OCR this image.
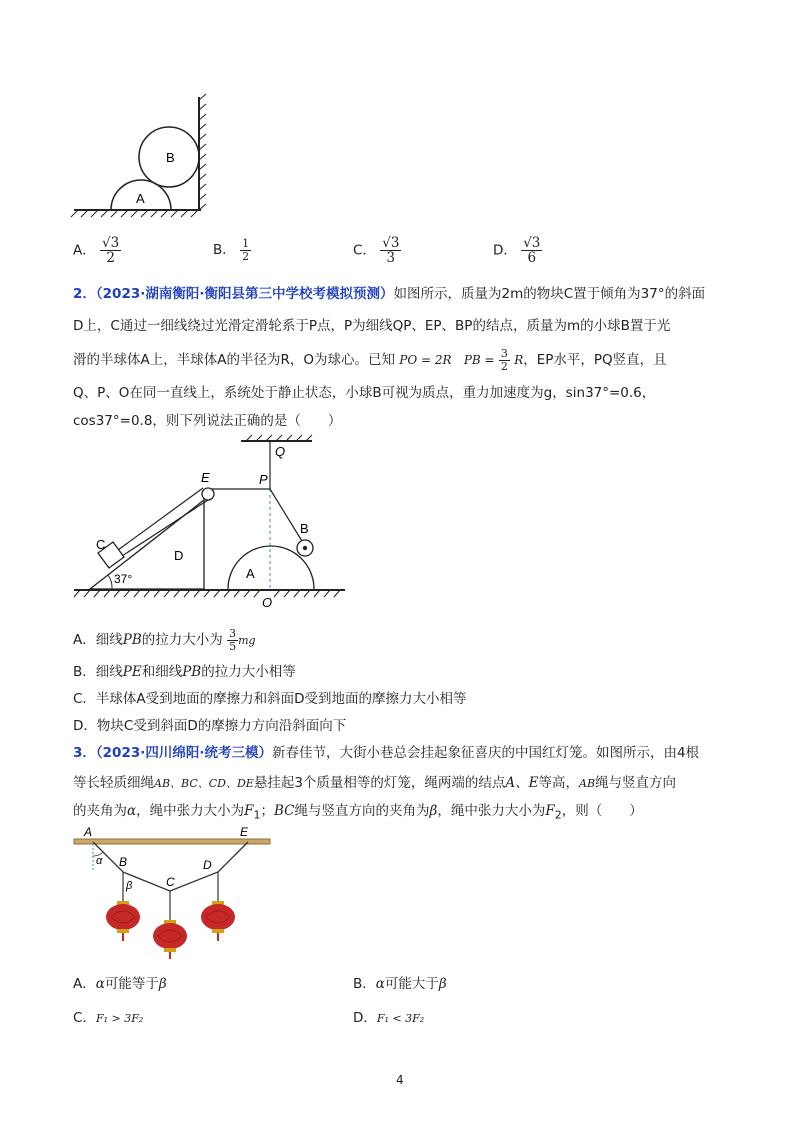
A
B
A． $\frac{√3}{2}$	B． $\frac{1}{2}$	C． $\frac{√3}{3}$	D． $\frac{√3}{6}$
2．（2023·湖南衡阳·衡阳县第三中学校考模拟预测）如图所示，质量为2m的物块C置于倾角为37°的斜面
D上，C通过一细线绕过光滑定滑轮系于P点，P为细线QP、EP、BP的结点，质量为m的小球B置于光
滑的半球体A上，半球体A的半径为R，O为球心。已知 PO = 2R PB = $\frac{3}{2}$ R，EP水平，PQ竖直，且
Q、P、O在同一直线上，系统处于静止状态，小球B可视为质点，重力加速度为g，sin37°=0.6，
cos37°=0.8，则下列说法正确的是（　　）
Q
E	P
B
C
D
A
O
37°
A．细线PB的拉力大小为 $\frac{3}{5}$ mg
B．细线PE和细线PB的拉力大小相等
C．半球体A受到地面的摩擦力和斜面D受到地面的摩擦力大小相等
D．物块C受到斜面D的摩擦力方向沿斜面向下
3．（2023·四川绵阳·统考三模）新春佳节，大街小巷总会挂起象征喜庆的中国红灯笼。如图所示，由4根
等长轻质细绳AB、BC、CD、DE悬挂起3个质量相等的灯笼，绳两端的结点A、E等高，AB绳与竖直方向
的夹角为α，绳中张力大小为$F_1$；BC绳与竖直方向的夹角为β，绳中张力大小为$F_2$，则（　　）
A	E
B
C
D
α
β
A．α可能等于β	B．α可能大于β
C．F₁ > 3F₂	D．F₁ < 3F₂
4
